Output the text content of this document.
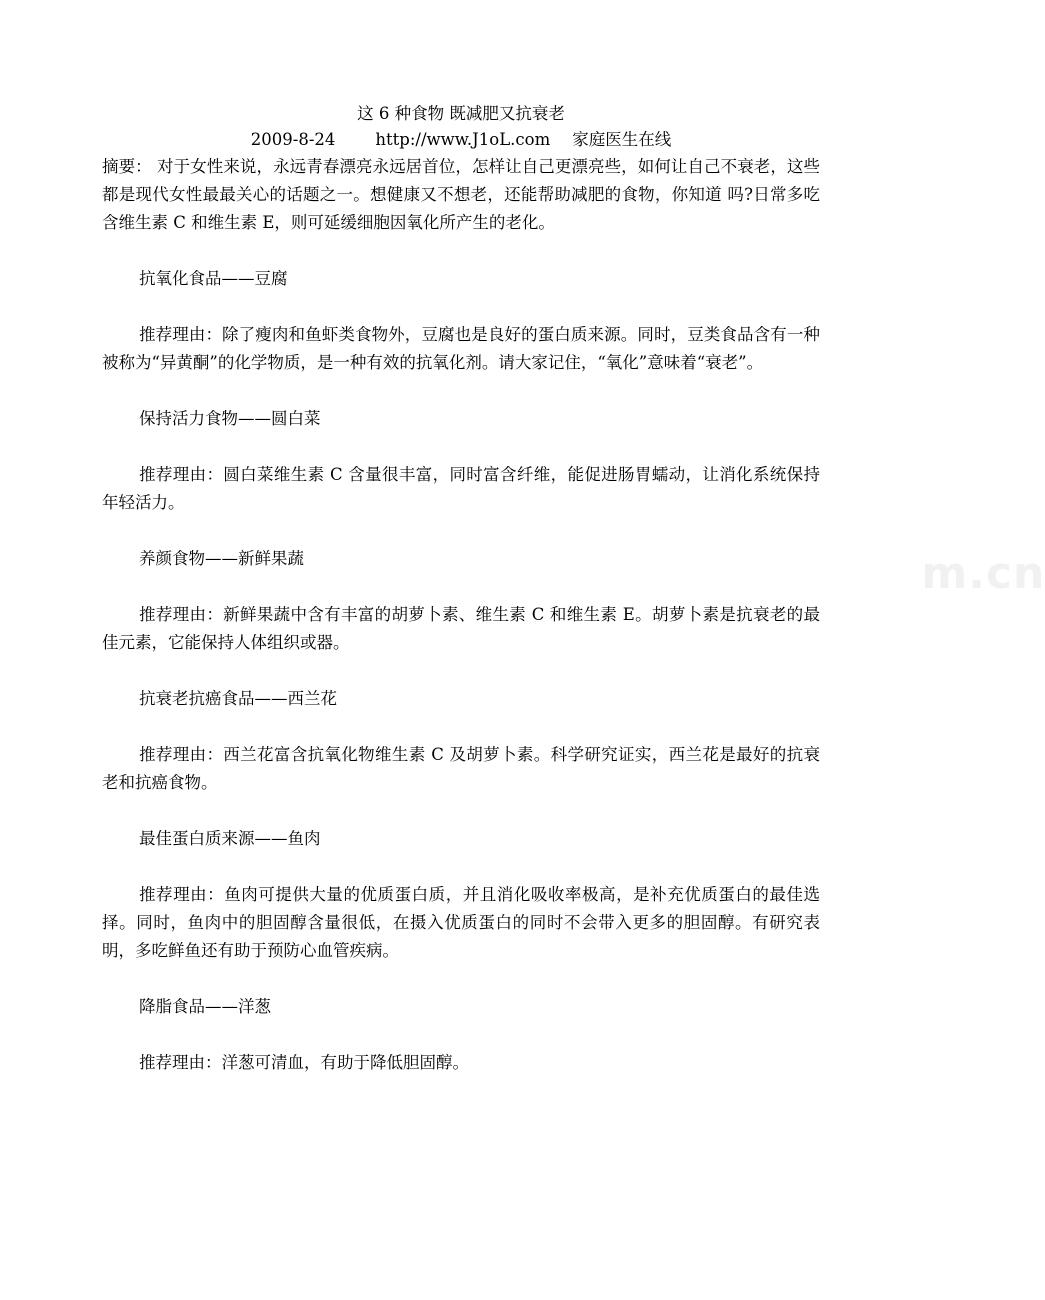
www.zixin.com.cn

这 6 种食物 既减肥又抗衰老

2009-8-24 http://www.J1oL.com 家庭医生在线

摘要： 对于女性来说，永远青春漂亮永远居首位，怎样让自己更漂亮些，如何让自己不衰老，这些都是现代女性最最关心的话题之一。想健康又不想老，还能帮助减肥的食物，你知道 吗?日常多吃含维生素 C 和维生素 E，则可延缓细胞因氧化所产生的老化。

抗氧化食品——豆腐

推荐理由：除了瘦肉和鱼虾类食物外，豆腐也是良好的蛋白质来源。同时，豆类食品含有一种被称为“异黄酮”的化学物质，是一种有效的抗氧化剂。请大家记住，“氧化”意味着“衰老”。

保持活力食物——圆白菜

推荐理由：圆白菜维生素 C 含量很丰富，同时富含纤维，能促进肠胃蠕动，让消化系统保持年轻活力。

养颜食物——新鲜果蔬

推荐理由：新鲜果蔬中含有丰富的胡萝卜素、维生素 C 和维生素 E。胡萝卜素是抗衰老的最佳元素，它能保持人体组织或器。

抗衰老抗癌食品——西兰花

推荐理由：西兰花富含抗氧化物维生素 C 及胡萝卜素。科学研究证实，西兰花是最好的抗衰老和抗癌食物。

最佳蛋白质来源——鱼肉

推荐理由：鱼肉可提供大量的优质蛋白质，并且消化吸收率极高，是补充优质蛋白的最佳选择。同时，鱼肉中的胆固醇含量很低，在摄入优质蛋白的同时不会带入更多的胆固醇。有研究表明，多吃鲜鱼还有助于预防心血管疾病。

降脂食品——洋葱

推荐理由：洋葱可清血，有助于降低胆固醇。
